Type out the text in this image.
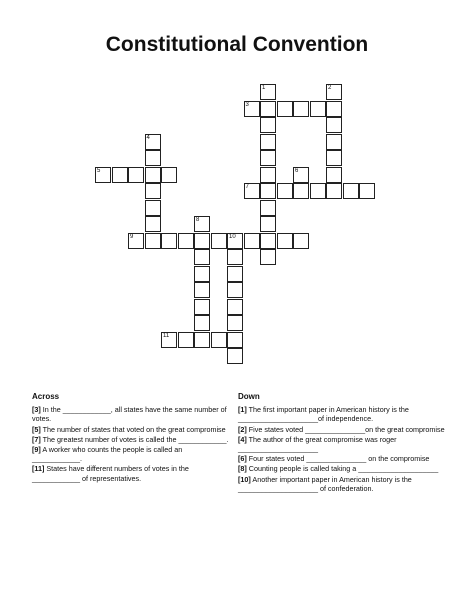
Constitutional Convention
3
5
7
9	10
11
1	2
4
6
8
Across
[3] In the ____________, all states have the same number of votes.
[5] The number of states that voted on the great compromise
[7] The greatest number of votes is called the ____________.
[9] A worker who counts the people is called an ____________.
[11] States have different numbers of votes in the ____________ of representatives.
Down
[1] The first important paper in American history is the ____________________of independence.
[2] Five states voted _______________on the great compromise
[4] The author of the great compromise was roger ____________________
[6] Four states voted _______________ on the compromise
[8] Counting people is called taking a ____________________
[10] Another important paper in American history is the ____________________ of confederation.
